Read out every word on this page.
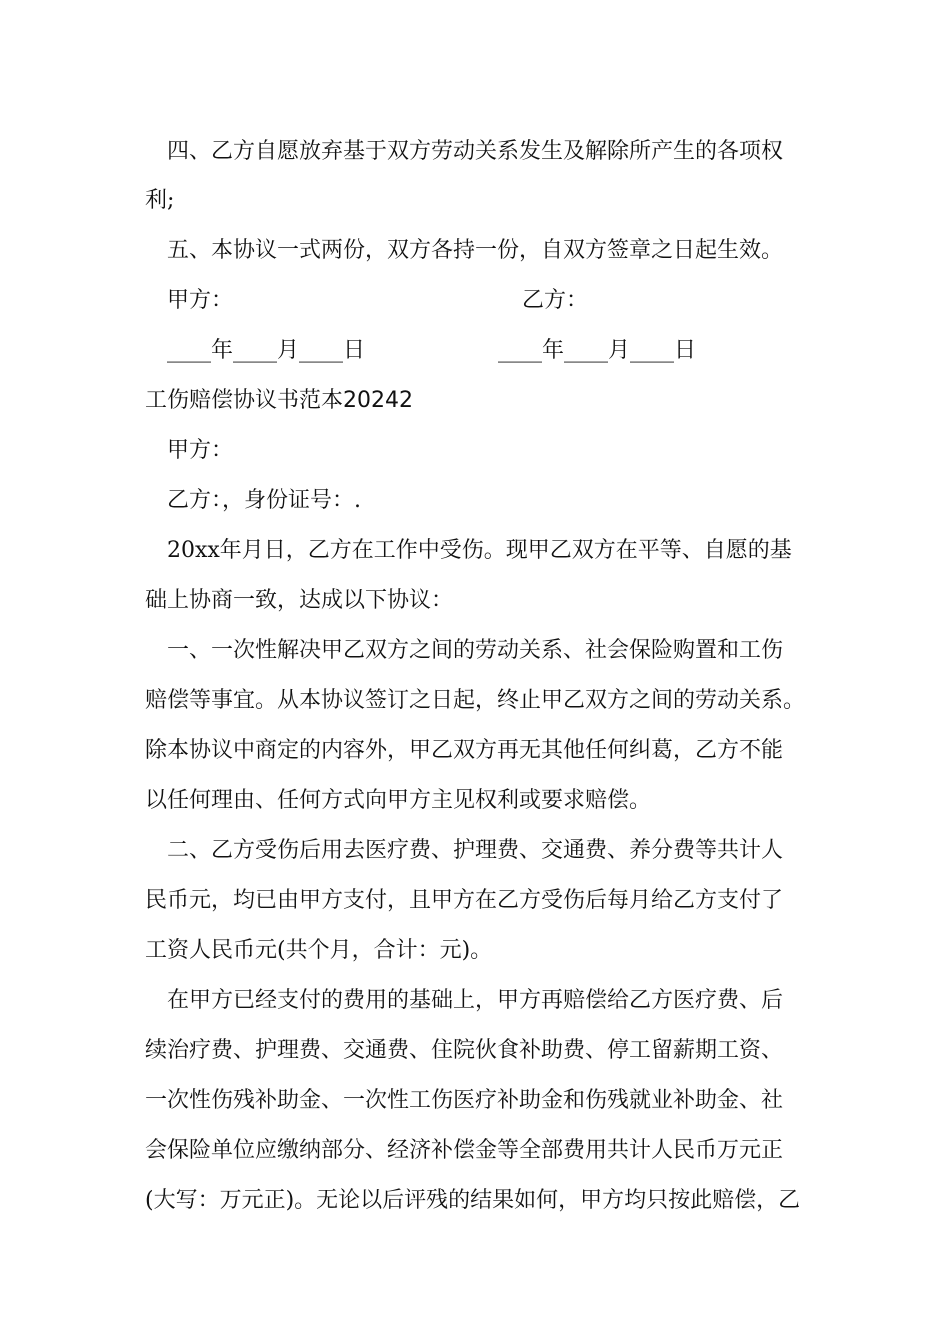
四、乙方自愿放弃基于双方劳动关系发生及解除所产生的各项权
利;
五、本协议一式两份，双方各持一份，自双方签章之日起生效。
甲方：	乙方：
____年____月____日	____年____月____日
工伤赔偿协议书范本20242
甲方：
乙方：，身份证号：.
20xx年月日，乙方在工作中受伤。现甲乙双方在平等、自愿的基
础上协商一致，达成以下协议：
一、一次性解决甲乙双方之间的劳动关系、社会保险购置和工伤
赔偿等事宜。从本协议签订之日起，终止甲乙双方之间的劳动关系。
除本协议中商定的内容外，甲乙双方再无其他任何纠葛，乙方不能
以任何理由、任何方式向甲方主见权利或要求赔偿。
二、乙方受伤后用去医疗费、护理费、交通费、养分费等共计人
民币元，均已由甲方支付，且甲方在乙方受伤后每月给乙方支付了
工资人民币元(共个月，合计：元)。
在甲方已经支付的费用的基础上，甲方再赔偿给乙方医疗费、后
续治疗费、护理费、交通费、住院伙食补助费、停工留薪期工资、
一次性伤残补助金、一次性工伤医疗补助金和伤残就业补助金、社
会保险单位应缴纳部分、经济补偿金等全部费用共计人民币万元正
(大写：万元正)。无论以后评残的结果如何，甲方均只按此赔偿，乙
